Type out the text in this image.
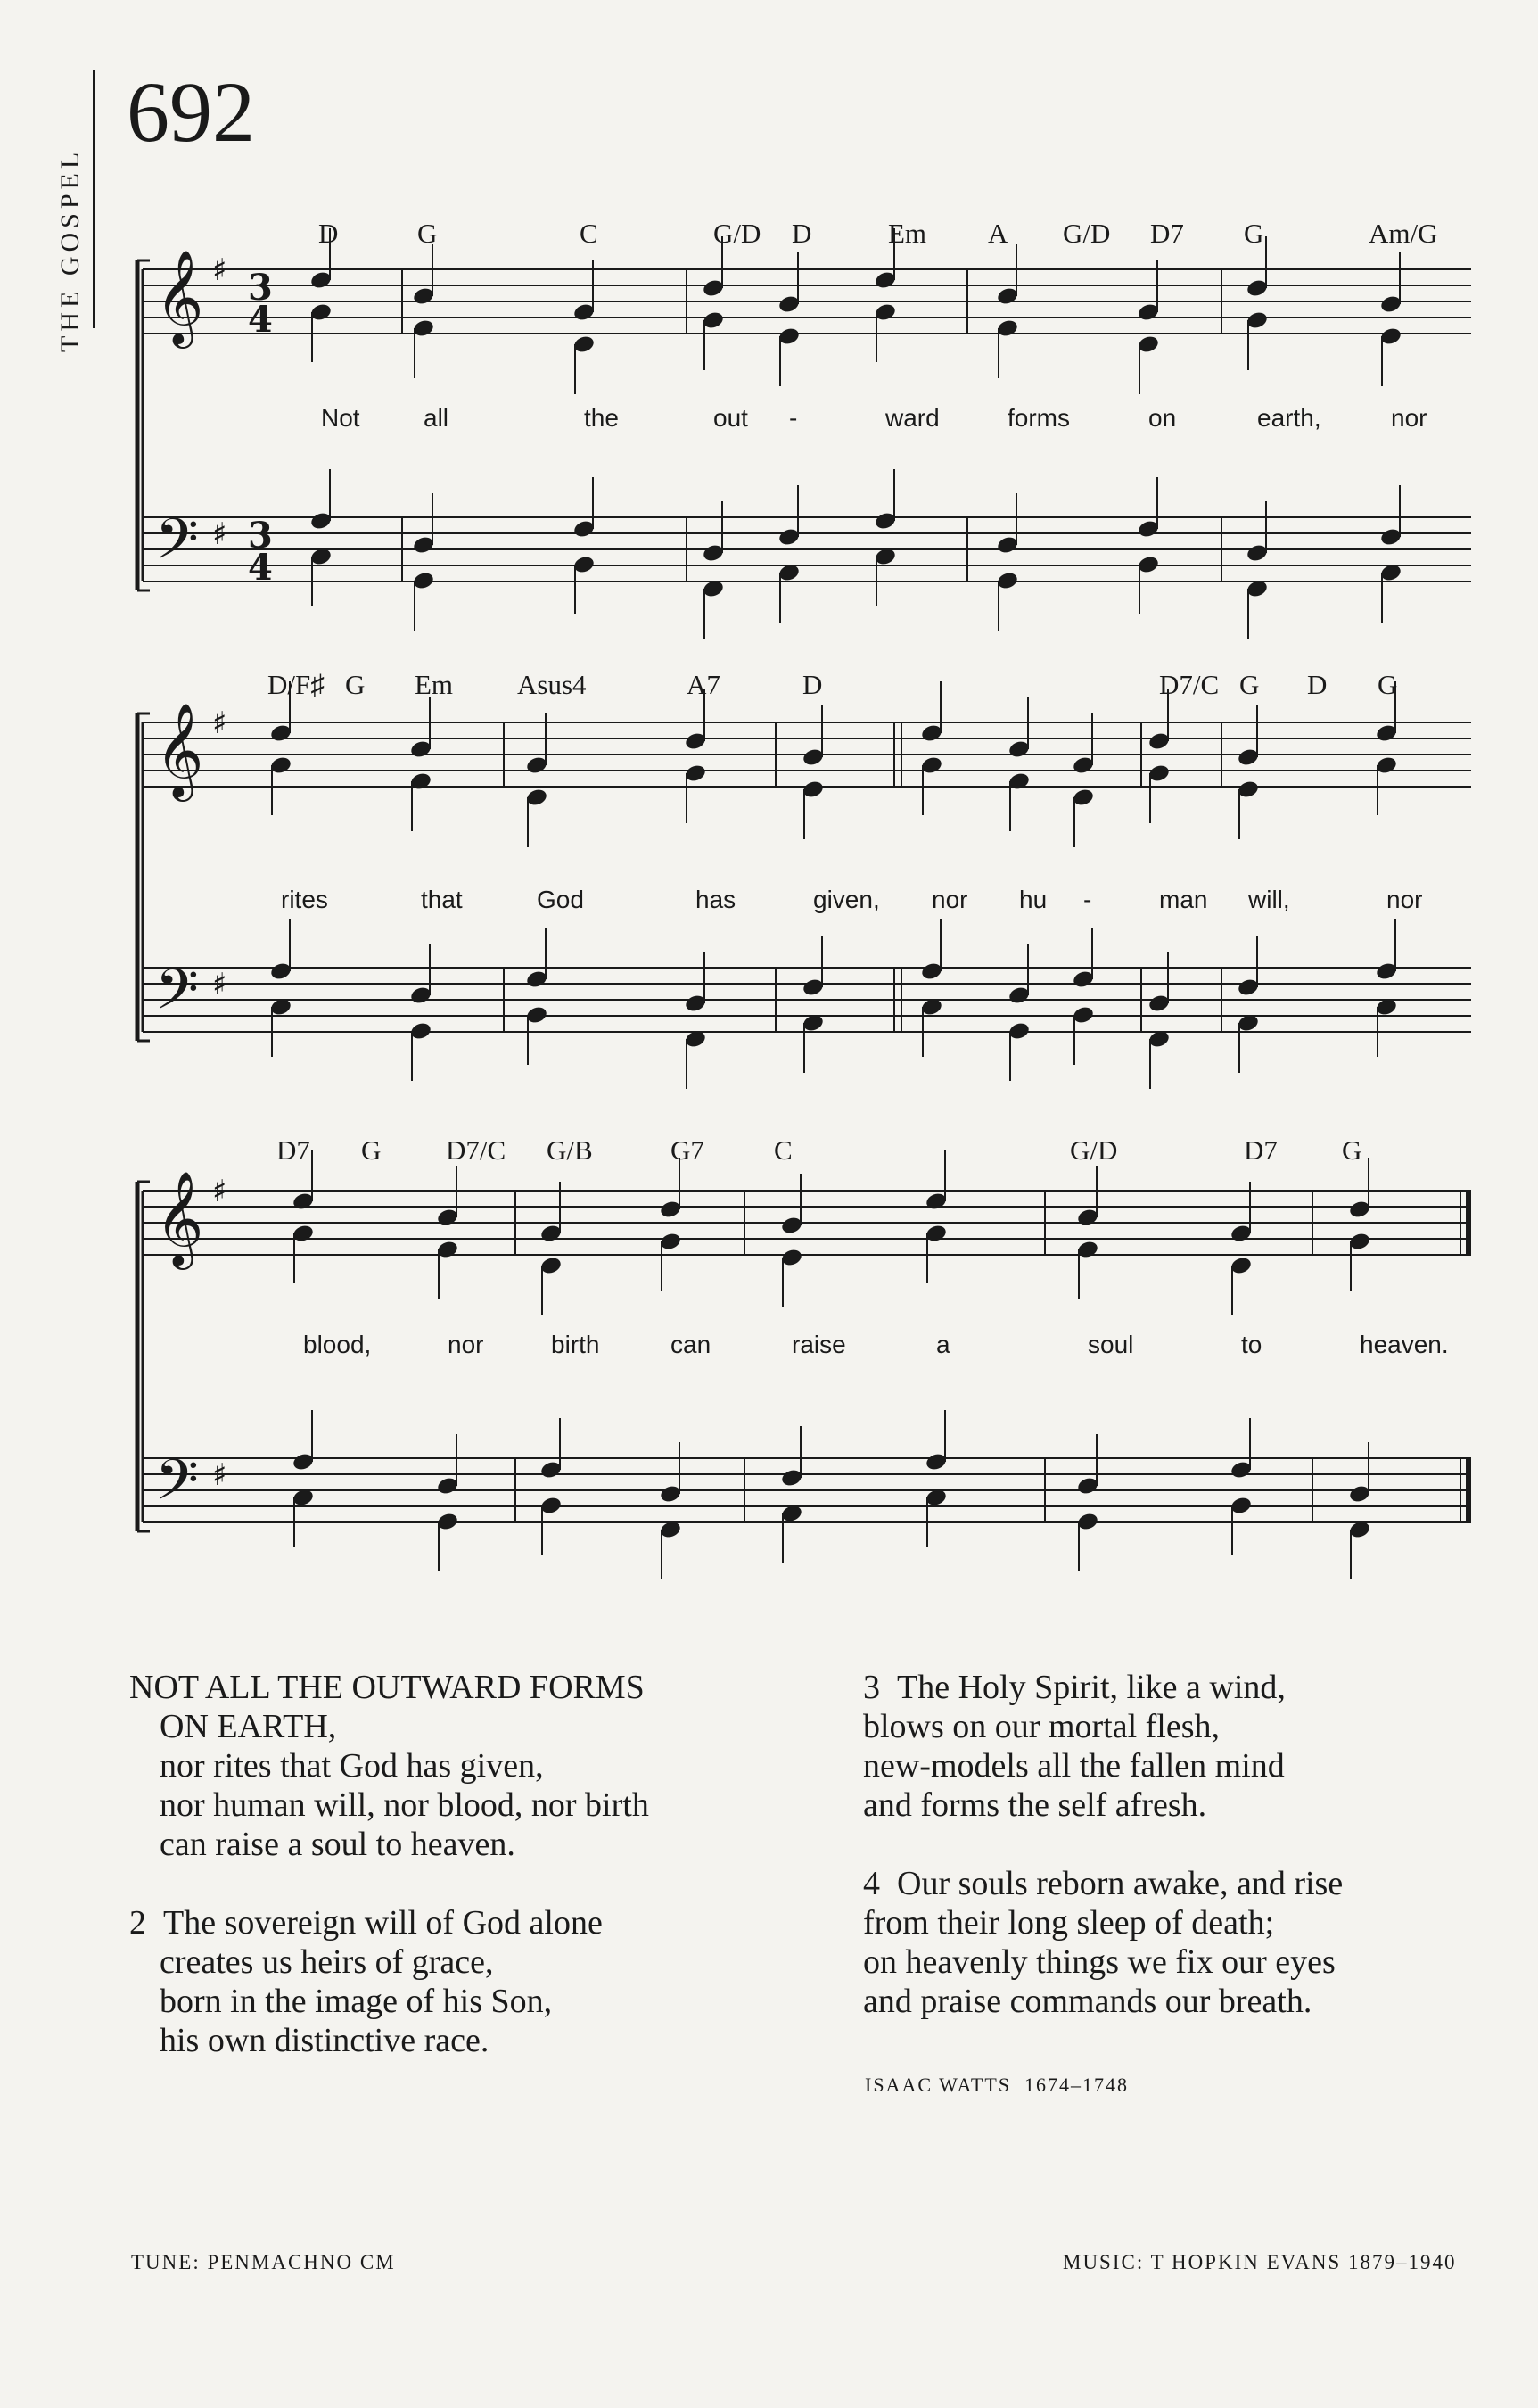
THE GOSPEL
692
𝄞
𝄢
♯
♯
3
4
3
4
𝄞
𝄢
♯
♯
𝄞
𝄢
♯
♯
D	G	C	G/D D	Em A G/D D7 G	Am/G
D/F♯ G Em Asus4	A7	D	D7/C G D G
D7 G D7/C G/B	G7	C	G/D	D7 G
Not	all	the	out -	ward	forms	on	earth,	nor
rites	that	God	has	given, nor hu -	man will,	nor
blood,	nor	birth	can	raise	a	soul	to	heaven.

NOT ALL THE OUTWARD FORMS

ON EARTH,

nor rites that God has given,

nor human will, nor blood, nor birth

can raise a soul to heaven.

2 The sovereign will of God alone

creates us heirs of grace,

born in the image of his Son,

his own distinctive race.

3 The Holy Spirit, like a wind,

blows on our mortal flesh,

new-models all the fallen mind

and forms the self afresh.

4 Our souls reborn awake, and rise

from their long sleep of death;

on heavenly things we fix our eyes

and praise commands our breath.

ISAAC WATTS 1674–1748
TUNE: PENMACHNO CM	MUSIC: T HOPKIN EVANS 1879–1940
